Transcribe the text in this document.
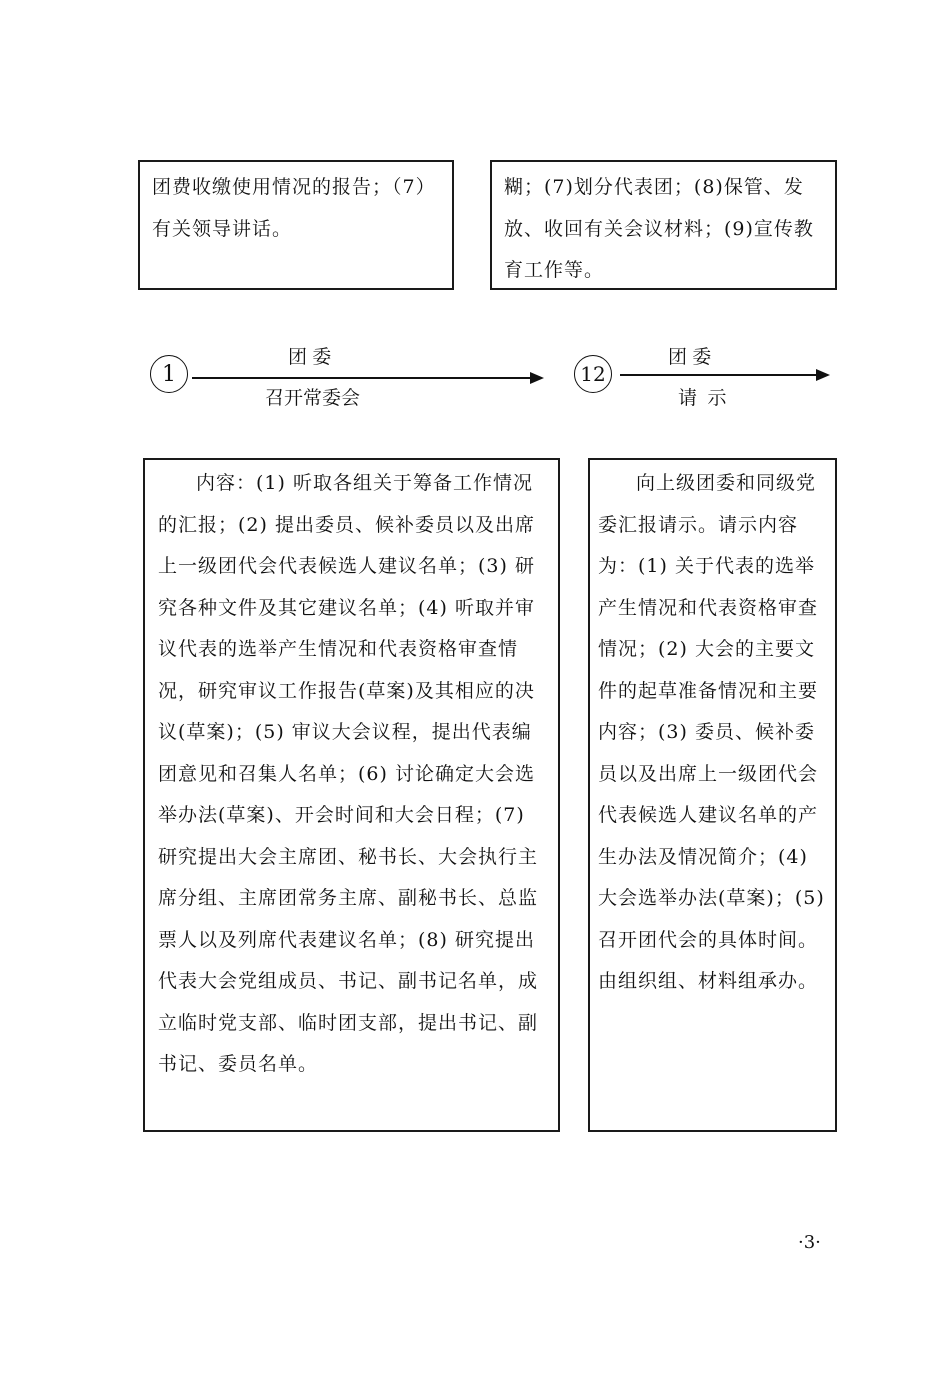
团费收缴使用情况的报告；（7）有关领导讲话。
糊；(7)划分代表团；(8)保管、发放、收回有关会议材料；(9)宣传教育工作等。
1
团 委
召开常委会
12
团 委
请  示
内容：(1) 听取各组关于筹备工作情况的汇报；(2) 提出委员、候补委员以及出席上一级团代会代表候选人建议名单；(3) 研究各种文件及其它建议名单；(4) 听取并审议代表的选举产生情况和代表资格审查情况，研究审议工作报告(草案)及其相应的决议(草案)；(5) 审议大会议程，提出代表编团意见和召集人名单；(6) 讨论确定大会选举办法(草案)、开会时间和大会日程；(7) 研究提出大会主席团、秘书长、大会执行主席分组、主席团常务主席、副秘书长、总监票人以及列席代表建议名单；(8) 研究提出代表大会党组成员、书记、副书记名单，成立临时党支部、临时团支部，提出书记、副书记、委员名单。
向上级团委和同级党委汇报请示。请示内容为：(1) 关于代表的选举产生情况和代表资格审查情况；(2) 大会的主要文件的起草准备情况和主要内容；(3) 委员、候补委员以及出席上一级团代会代表候选人建议名单的产生办法及情况简介；(4) 大会选举办法(草案)；(5) 召开团代会的具体时间。由组织组、材料组承办。
·3·
